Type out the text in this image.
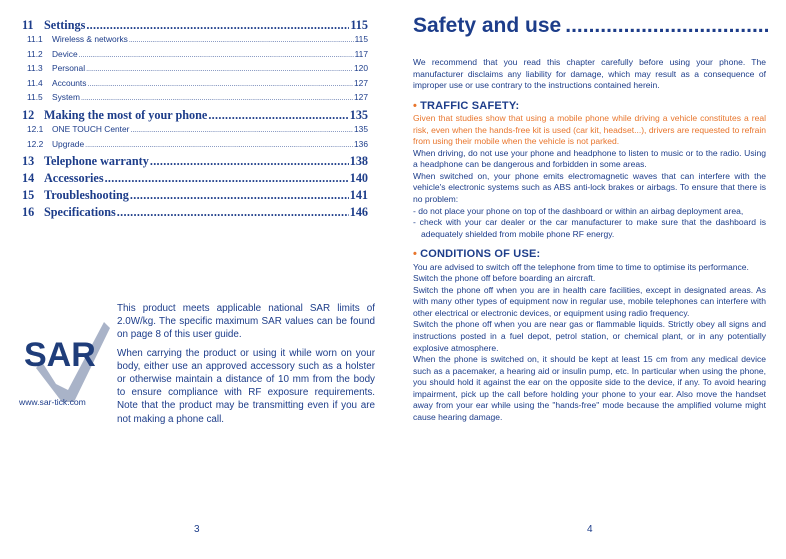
11 Settings .....	115
11.1	Wireless & networks .....	115
11.2	Device .....	117
11.3	Personal .....	120
11.4	Accounts .....	127
11.5	System .....	127
12 Making the most of your phone .....	135
12.1	ONE TOUCH Center .....	135
12.2	Upgrade .....	136
13 Telephone warranty .....	138
14 Accessories .....	140
15 Troubleshooting .....	141
16 Specifications .....	146
SAR
www.sar-tick.com

This product meets applicable national SAR limits of 2.0W/kg. The specific maximum SAR values can be found on page 8 of this user guide.

When carrying the product or using it while worn on your body, either use an approved accessory such as a holster or otherwise maintain a distance of 10 mm from the body to ensure compliance with RF exposure requirements. Note that the product may be transmitting even if you are not making a phone call.

3
Safety and use
.....

We recommend that you read this chapter carefully before using your phone. The manufacturer disclaims any liability for damage, which may result as a consequence of improper use or use contrary to the instructions contained herein.

• TRAFFIC SAFETY:

Given that studies show that using a mobile phone while driving a vehicle constitutes a real risk, even when the hands-free kit is used (car kit, headset...), drivers are requested to refrain from using their mobile when the vehicle is not parked.

When driving, do not use your phone and headphone to listen to music or to the radio. Using a headphone can be dangerous and forbidden in some areas.

When switched on, your phone emits electromagnetic waves that can interfere with the vehicle's electronic systems such as ABS anti-lock brakes or airbags. To ensure that there is no problem:

- do not place your phone on top of the dashboard or within an airbag deployment area,

- check with your car dealer or the car manufacturer to make sure that the dashboard is adequately shielded from mobile phone RF energy.

• CONDITIONS OF USE:

You are advised to switch off the telephone from time to time to optimise its performance.

Switch the phone off before boarding an aircraft.

Switch the phone off when you are in health care facilities, except in designated areas. As with many other types of equipment now in regular use, mobile telephones can interfere with other electrical or electronic devices, or equipment using radio frequency.

Switch the phone off when you are near gas or flammable liquids. Strictly obey all signs and instructions posted in a fuel depot, petrol station, or chemical plant, or in any potentially explosive atmosphere.

When the phone is switched on, it should be kept at least 15 cm from any medical device such as a pacemaker, a hearing aid or insulin pump, etc. In particular when using the phone, you should hold it against the ear on the opposite side to the device, if any. To avoid hearing impairment, pick up the call before holding your phone to your ear. Also move the handset away from your ear while using the "hands-free" mode because the amplified volume might cause hearing damage.

4
